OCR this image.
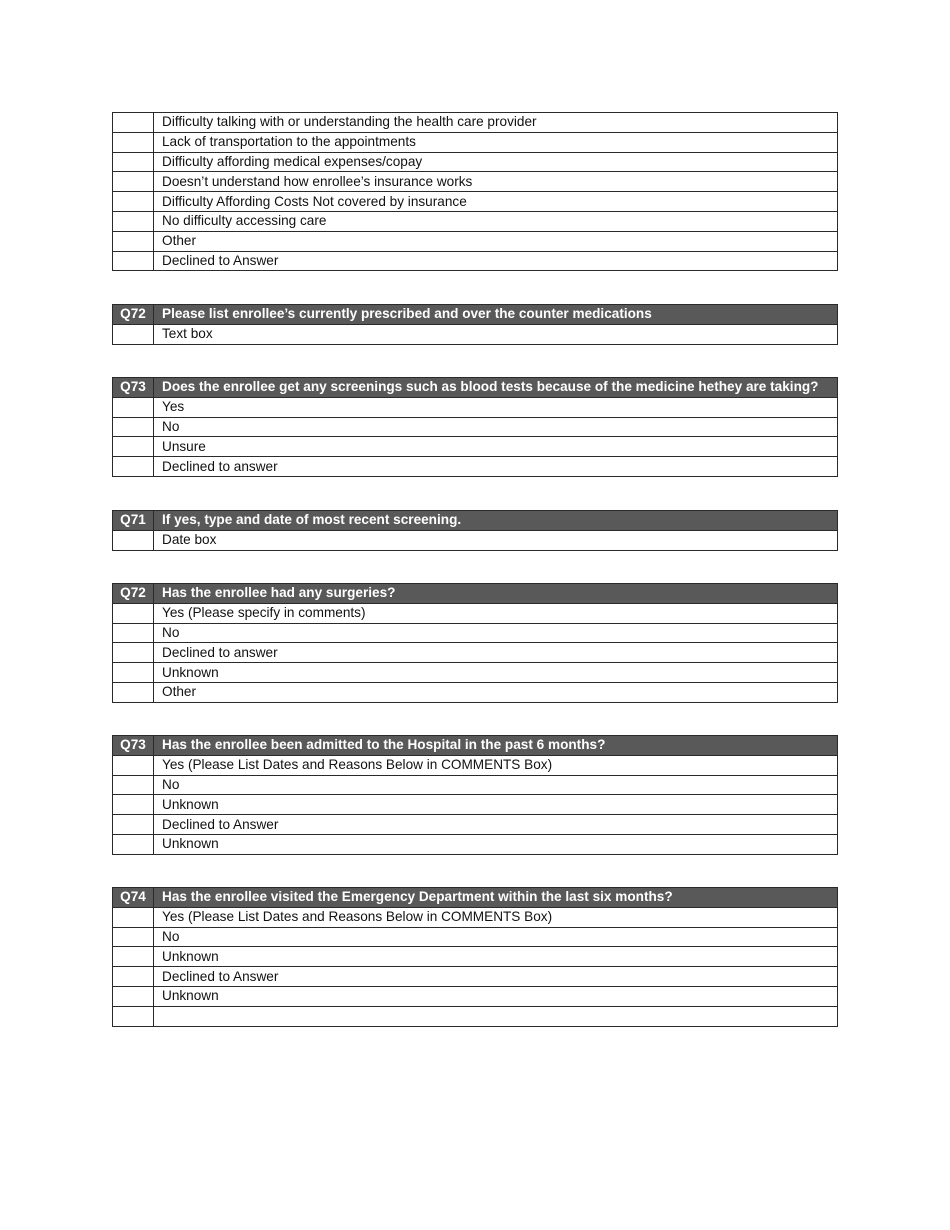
	Difficulty talking with or understanding the health care provider
	Lack of transportation to the appointments
	Difficulty affording medical expenses/copay
	Doesn’t understand how enrollee’s insurance works
	Difficulty Affording Costs Not covered by insurance
	No difficulty accessing care
	Other
	Declined to Answer
Q72	Please list enrollee’s currently prescribed and over the counter medications
	Text box
Q73	Does the enrollee get any screenings such as blood tests because of the medicine hethey are taking?
	Yes
	No
	Unsure
	Declined to answer
Q71	If yes, type and date of most recent screening.
	Date box
Q72	Has the enrollee had any surgeries?
	Yes (Please specify in comments)
	No
	Declined to answer
	Unknown
	Other
Q73	Has the enrollee been admitted to the Hospital in the past 6 months?
	Yes (Please List Dates and Reasons Below in COMMENTS Box)
	No
	Unknown
	Declined to Answer
	Unknown
Q74	Has the enrollee visited the Emergency Department within the last six months?
	Yes (Please List Dates and Reasons Below in COMMENTS Box)
	No
	Unknown
	Declined to Answer
	Unknown
